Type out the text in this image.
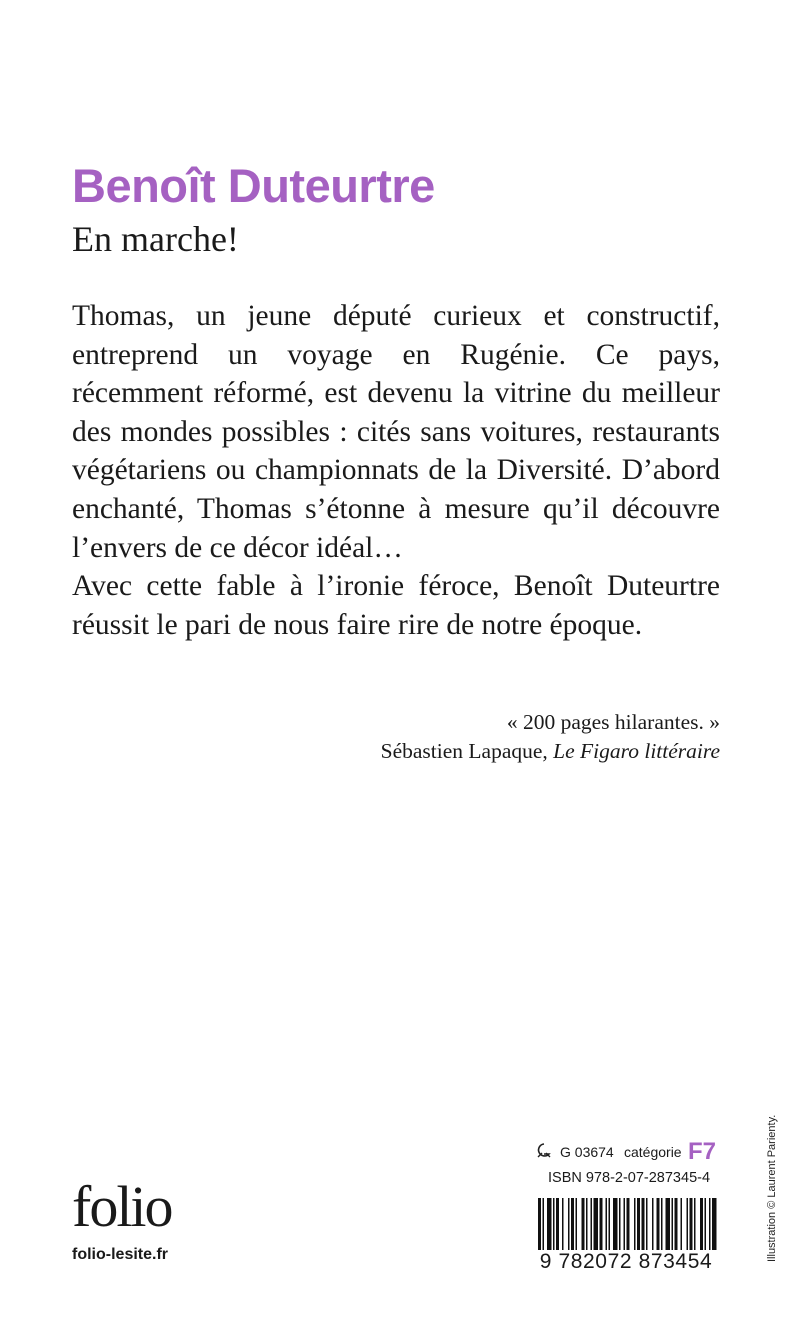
Benoît Duteurtre
En marche!

Thomas, un jeune député curieux et constructif, entreprend un voyage en Rugénie. Ce pays, récemment réformé, est devenu la vitrine du meilleur des mondes possibles : cités sans voitures, restaurants végétariens ou championnats de la Diversité. D’abord enchanté, Thomas s’étonne à mesure qu’il découvre l’envers de ce décor idéal…

Avec cette fable à l’ironie féroce, Benoît Duteurtre réussit le pari de nous faire rire de notre époque.

« 200 pages hilarantes. »
Sébastien Lapaque, Le Figaro littéraire
Illustration © Laurent Parienty.
folio
folio-lesite.fr
G 03674 catégorie F7
ISBN 978-2-07-287345-4
9 782072 873454
